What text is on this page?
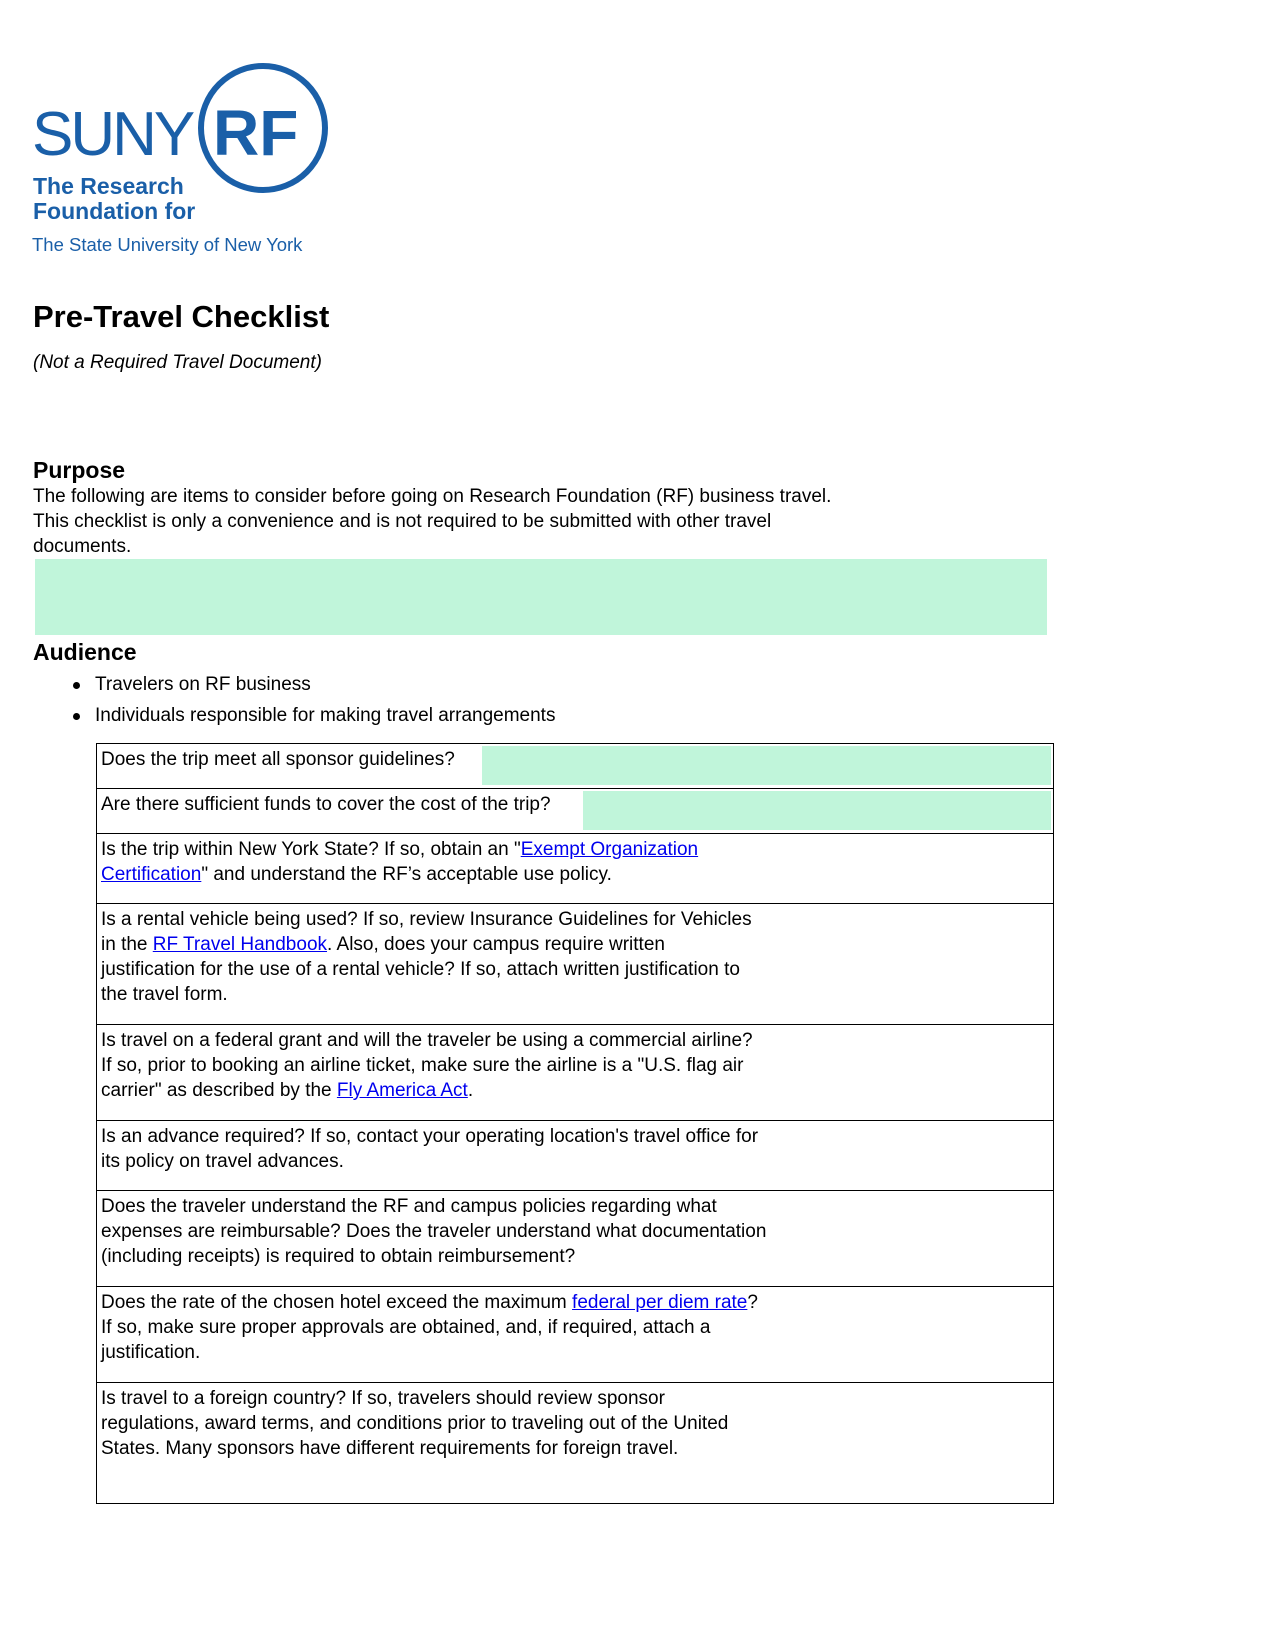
SUNY RF
The Research
Foundation for
The State University of New York
Pre-Travel Checklist

(Not a Required Travel Document)

Purpose

The following are items to consider before going on Research Foundation (RF) business travel. This checklist is only a convenience and is not required to be submitted with other travel documents.

Audience
Travelers on RF business
Individuals responsible for making travel arrangements
Does the trip meet all sponsor guidelines?

Are there sufficient funds to cover the cost of the trip?

Is the trip within New York State? If so, obtain an "Exempt Organization Certification" and understand the RF’s acceptable use policy.

Is a rental vehicle being used? If so, review Insurance Guidelines for Vehicles in the RF Travel Handbook. Also, does your campus require written justification for the use of a rental vehicle? If so, attach written justification to the travel form.

Is travel on a federal grant and will the traveler be using a commercial airline? If so, prior to booking an airline ticket, make sure the airline is a "U.S. flag air carrier" as described by the Fly America Act.

Is an advance required? If so, contact your operating location's travel office for its policy on travel advances.

Does the traveler understand the RF and campus policies regarding what expenses are reimbursable? Does the traveler understand what documentation (including receipts) is required to obtain reimbursement?

Does the rate of the chosen hotel exceed the maximum federal per diem rate? If so, make sure proper approvals are obtained, and, if required, attach a justification.

Is travel to a foreign country? If so, travelers should review sponsor regulations, award terms, and conditions prior to traveling out of the United States. Many sponsors have different requirements for foreign travel.
